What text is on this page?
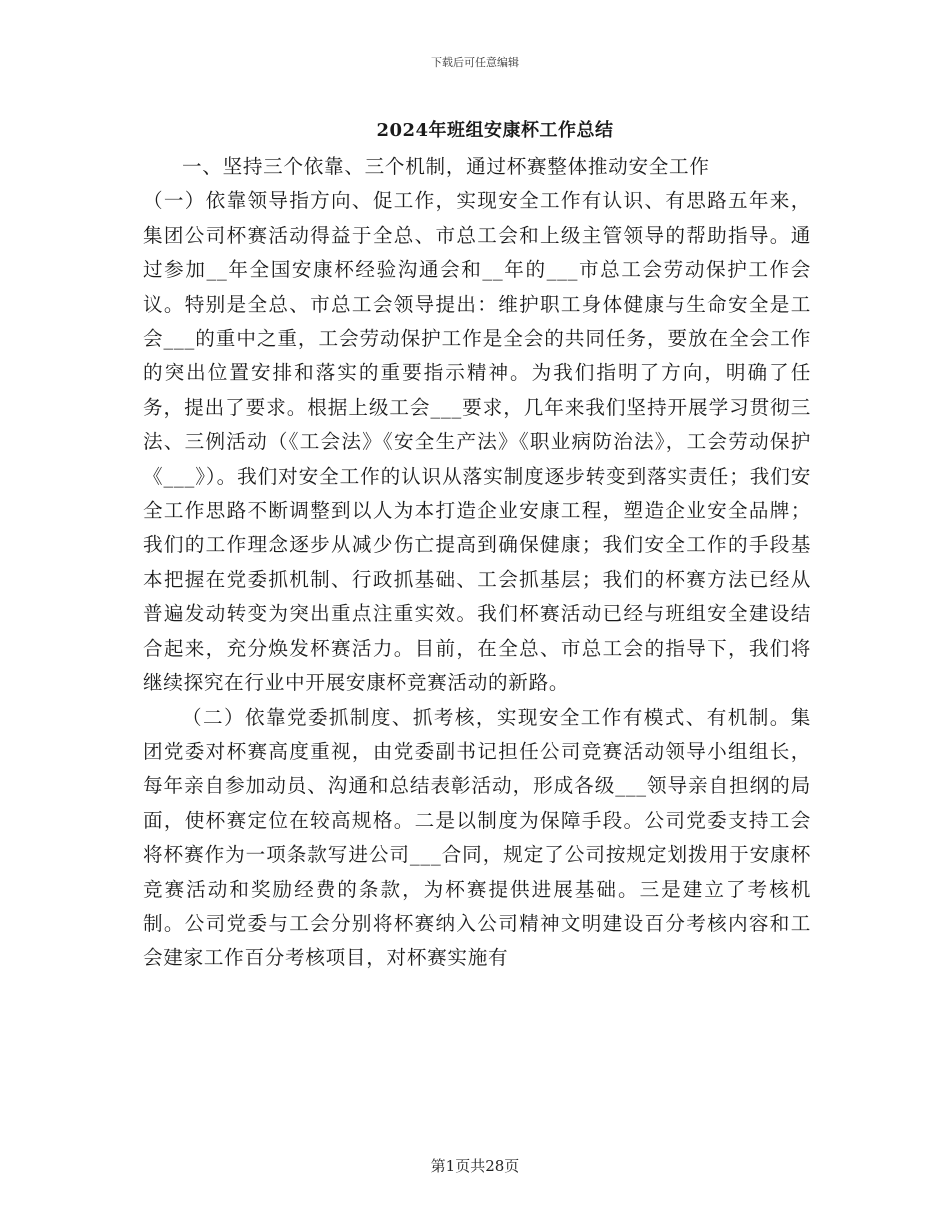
下载后可任意编辑
2024年班组安康杯工作总结

一、坚持三个依靠、三个机制，通过杯赛整体推动安全工作

（一）依靠领导指方向、促工作，实现安全工作有认识、有思路五年来，集团公司杯赛活动得益于全总、市总工会和上级主管领导的帮助指导。通过参加__年全国安康杯经验沟通会和__年的___市总工会劳动保护工作会议。特别是全总、市总工会领导提出：维护职工身体健康与生命安全是工会___的重中之重，工会劳动保护工作是全会的共同任务，要放在全会工作的突出位置安排和落实的重要指示精神。为我们指明了方向，明确了任务，提出了要求。根据上级工会___要求，几年来我们坚持开展学习贯彻三法、三例活动（《工会法》《安全生产法》《职业病防治法》，工会劳动保护《___》）。我们对安全工作的认识从落实制度逐步转变到落实责任；我们安全工作思路不断调整到以人为本打造企业安康工程，塑造企业安全品牌；我们的工作理念逐步从减少伤亡提高到确保健康；我们安全工作的手段基本把握在党委抓机制、行政抓基础、工会抓基层；我们的杯赛方法已经从普遍发动转变为突出重点注重实效。我们杯赛活动已经与班组安全建设结合起来，充分焕发杯赛活力。目前，在全总、市总工会的指导下，我们将继续探究在行业中开展安康杯竞赛活动的新路。

（二）依靠党委抓制度、抓考核，实现安全工作有模式、有机制。集团党委对杯赛高度重视，由党委副书记担任公司竞赛活动领导小组组长，每年亲自参加动员、沟通和总结表彰活动，形成各级___领导亲自担纲的局面，使杯赛定位在较高规格。二是以制度为保障手段。公司党委支持工会将杯赛作为一项条款写进公司___合同，规定了公司按规定划拨用于安康杯竞赛活动和奖励经费的条款，为杯赛提供进展基础。三是建立了考核机制。公司党委与工会分别将杯赛纳入公司精神文明建设百分考核内容和工会建家工作百分考核项目，对杯赛实施有

第1页共28页
